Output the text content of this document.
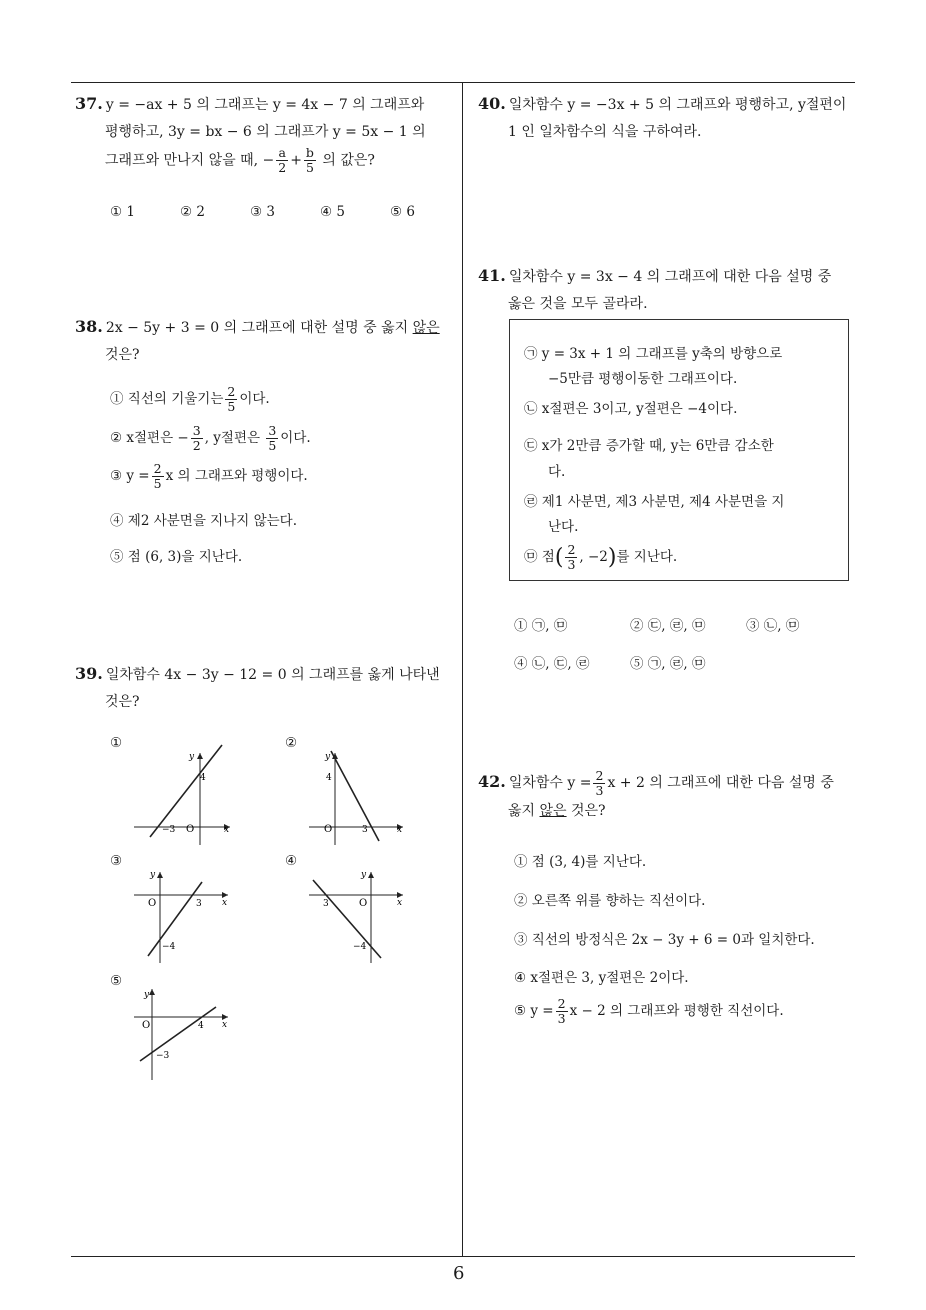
37. y = −ax + 5 의 그래프는 y = 4x − 7 의 그래프와
평행하고, 3y = bx − 6 의 그래프가 y = 5x − 1 의
그래프와 만나지 않을 때, − $\frac{a}{2} + \frac{b}{5}$ 의 값은?
① 1	② 2	③ 3	④ 5	⑤ 6
38. 2x − 5y + 3 = 0 의 그래프에 대한 설명 중 옳지 않은
것은?
① 직선의 기울기는 $\frac{2}{5}$ 이다.
② x절편은 − $\frac{3}{2}$ , y절편은 $\frac{3}{5}$ 이다.
③ $y = \frac{2}{5}$ x 의 그래프와 평행이다.
④ 제2 사분면을 지나지 않는다.
⑤ 점 (6, 3)을 지난다.
39. 일차함수 4x − 3y − 12 = 0 의 그래프를 옳게 나타낸
것은?
①	②
③	④
⑤
y
x
4
−3 O
y
x
4
3
O
y
x
−4
3
O
y
x
−4
3	O
y
x
−3
4
O
40. 일차함수 y = −3x + 5 의 그래프와 평행하고, y절편이
1 인 일차함수의 식을 구하여라.
41. 일차함수 y = 3x − 4 의 그래프에 대한 다음 설명 중
옳은 것을 모두 골라라.
㉠ y = 3x + 1 의 그래프를 y축의 방향으로
−5만큼 평행이동한 그래프이다.
㉡ x절편은 3이고, y절편은 −4이다.
㉢ x가 2만큼 증가할 때, y는 6만큼 감소한
다.
㉣ 제1 사분면, 제3 사분면, 제4 사분면을 지
난다.
㉤ 점( $\frac{2}{3}$ , −2)를 지난다.
① ㉠, ㉤	② ㉢, ㉣, ㉤	③ ㉡, ㉤
④ ㉡, ㉢, ㉣	⑤ ㉠, ㉣, ㉤
42. 일차함수 $y = \frac{2}{3}$ x + 2 의 그래프에 대한 다음 설명 중
옳지 않은 것은?
① 점 (3, 4)를 지난다.
② 오른쪽 위를 향하는 직선이다.
③ 직선의 방정식은 2x − 3y + 6 = 0과 일치한다.
④ x절편은 3, y절편은 2이다.
⑤ $y = \frac{2}{3}$ x − 2 의 그래프와 평행한 직선이다.
6
